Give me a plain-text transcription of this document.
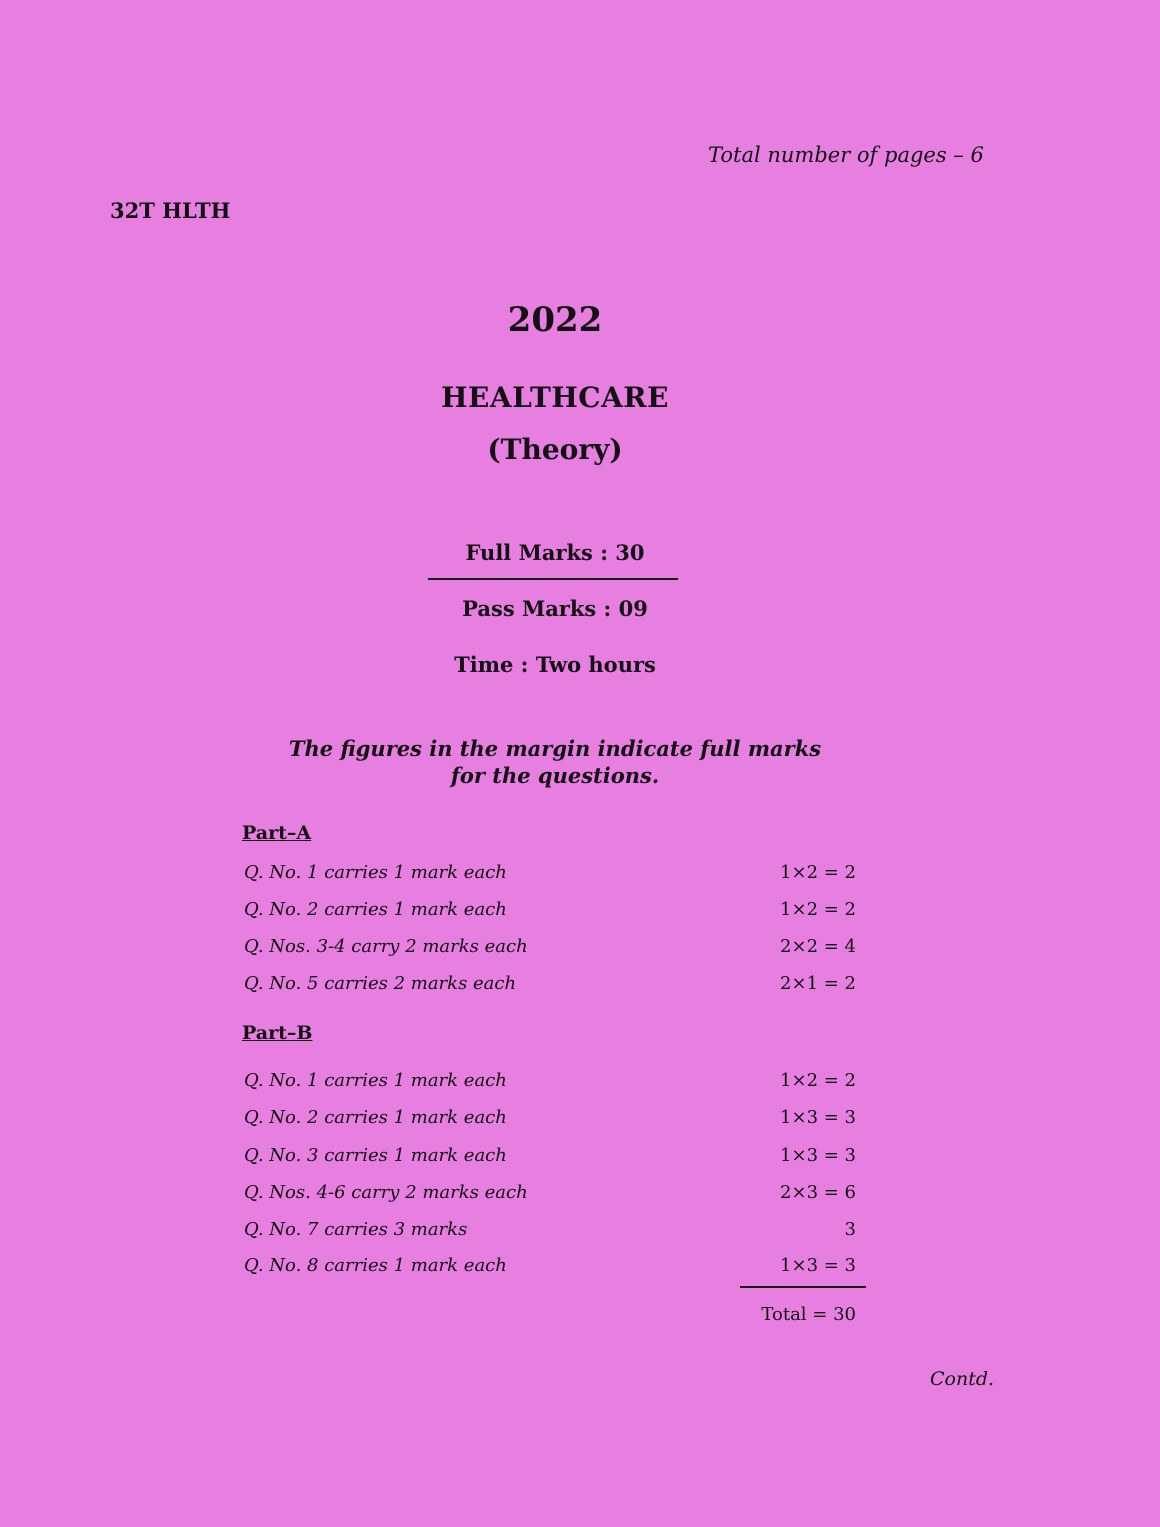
32T HLTH
Total number of pages – 6
2022
HEALTHCARE
(Theory)
Full Marks : 30
Pass Marks : 09
Time : Two hours
The figures in the margin indicate full marks
for the questions.
Part–A
Q. No. 1 carries 1 mark each	1×2 = 2
Q. No. 2 carries 1 mark each	1×2 = 2
Q. Nos. 3-4 carry 2 marks each	2×2 = 4
Q. No. 5 carries 2 marks each	2×1 = 2
Part–B
Q. No. 1 carries 1 mark each	1×2 = 2
Q. No. 2 carries 1 mark each	1×3 = 3
Q. No. 3 carries 1 mark each	1×3 = 3
Q. Nos. 4-6 carry 2 marks each	2×3 = 6
Q. No. 7 carries 3 marks	3
Q. No. 8 carries 1 mark each	1×3 = 3
Total = 30
Contd.
